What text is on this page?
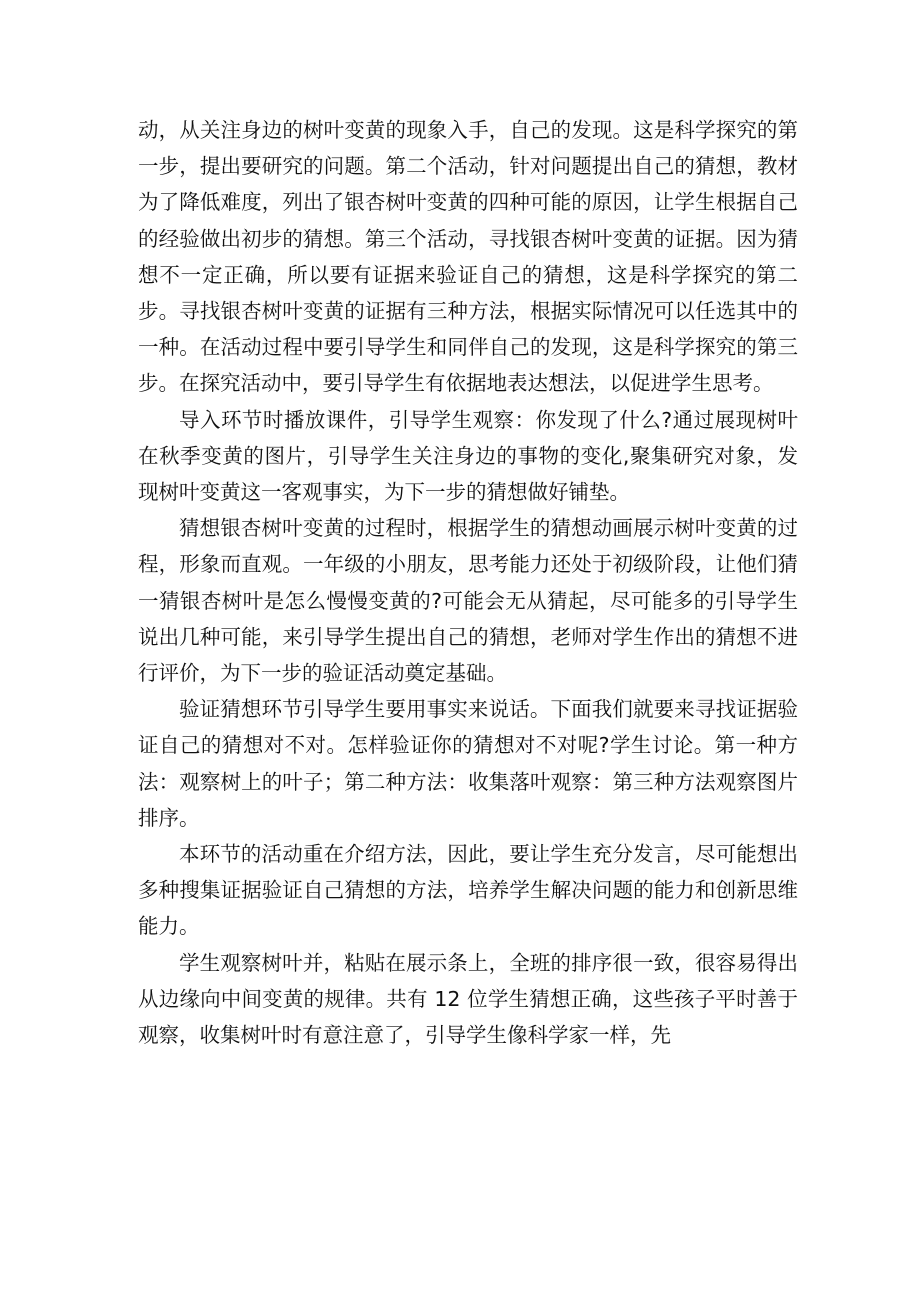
动，从关注身边的树叶变黄的现象入手，自己的发现。这是科学探究的第一步，提出要研究的问题。第二个活动，针对问题提出自己的猜想，教材为了降低难度，列出了银杏树叶变黄的四种可能的原因，让学生根据自己的经验做出初步的猜想。第三个活动，寻找银杏树叶变黄的证据。因为猜想不一定正确，所以要有证据来验证自己的猜想，这是科学探究的第二步。寻找银杏树叶变黄的证据有三种方法，根据实际情况可以任选其中的一种。在活动过程中要引导学生和同伴自己的发现，这是科学探究的第三步。在探究活动中，要引导学生有依据地表达想法，以促进学生思考。

导入环节时播放课件，引导学生观察：你发现了什么?通过展现树叶在秋季变黄的图片，引导学生关注身边的事物的变化,聚集研究对象，发现树叶变黄这一客观事实，为下一步的猜想做好铺垫。

猜想银杏树叶变黄的过程时，根据学生的猜想动画展示树叶变黄的过程，形象而直观。一年级的小朋友，思考能力还处于初级阶段，让他们猜一猜银杏树叶是怎么慢慢变黄的?可能会无从猜起，尽可能多的引导学生说出几种可能，来引导学生提出自己的猜想，老师对学生作出的猜想不进行评价，为下一步的验证活动奠定基础。

验证猜想环节引导学生要用事实来说话。下面我们就要来寻找证据验证自己的猜想对不对。怎样验证你的猜想对不对呢?学生讨论。第一种方法：观察树上的叶子；第二种方法：收集落叶观察：第三种方法观察图片排序。

本环节的活动重在介绍方法，因此，要让学生充分发言，尽可能想出多种搜集证据验证自己猜想的方法，培养学生解决问题的能力和创新思维能力。

学生观察树叶并，粘贴在展示条上，全班的排序很一致，很容易得出从边缘向中间变黄的规律。共有 12 位学生猜想正确，这些孩子平时善于观察，收集树叶时有意注意了，引导学生像科学家一样，先
